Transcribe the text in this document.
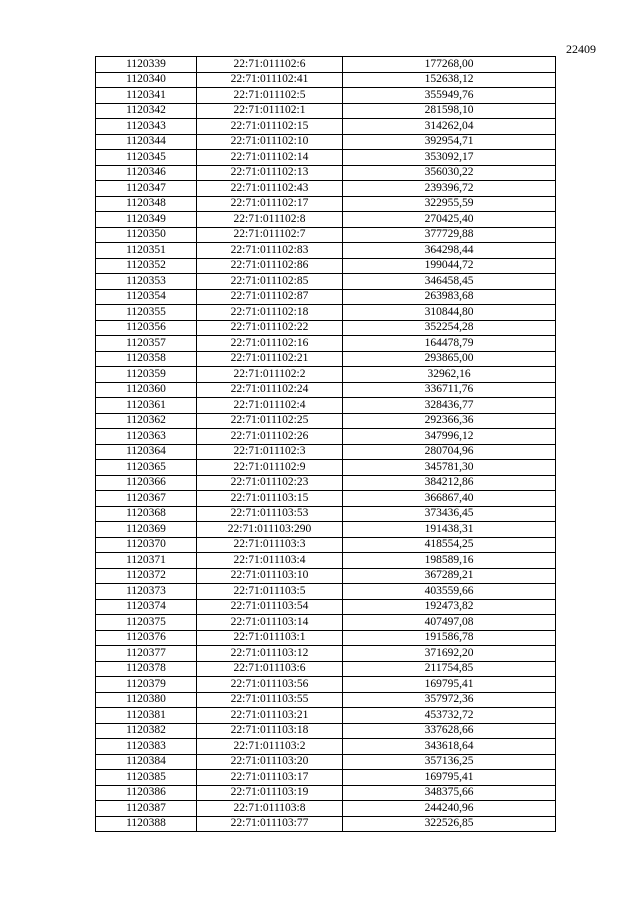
22409
1120339	22:71:011102:6	177268,00
1120340	22:71:011102:41	152638,12
1120341	22:71:011102:5	355949,76
1120342	22:71:011102:1	281598,10
1120343	22:71:011102:15	314262,04
1120344	22:71:011102:10	392954,71
1120345	22:71:011102:14	353092,17
1120346	22:71:011102:13	356030,22
1120347	22:71:011102:43	239396,72
1120348	22:71:011102:17	322955,59
1120349	22:71:011102:8	270425,40
1120350	22:71:011102:7	377729,88
1120351	22:71:011102:83	364298,44
1120352	22:71:011102:86	199044,72
1120353	22:71:011102:85	346458,45
1120354	22:71:011102:87	263983,68
1120355	22:71:011102:18	310844,80
1120356	22:71:011102:22	352254,28
1120357	22:71:011102:16	164478,79
1120358	22:71:011102:21	293865,00
1120359	22:71:011102:2	32962,16
1120360	22:71:011102:24	336711,76
1120361	22:71:011102:4	328436,77
1120362	22:71:011102:25	292366,36
1120363	22:71:011102:26	347996,12
1120364	22:71:011102:3	280704,96
1120365	22:71:011102:9	345781,30
1120366	22:71:011102:23	384212,86
1120367	22:71:011103:15	366867,40
1120368	22:71:011103:53	373436,45
1120369	22:71:011103:290	191438,31
1120370	22:71:011103:3	418554,25
1120371	22:71:011103:4	198589,16
1120372	22:71:011103:10	367289,21
1120373	22:71:011103:5	403559,66
1120374	22:71:011103:54	192473,82
1120375	22:71:011103:14	407497,08
1120376	22:71:011103:1	191586,78
1120377	22:71:011103:12	371692,20
1120378	22:71:011103:6	211754,85
1120379	22:71:011103:56	169795,41
1120380	22:71:011103:55	357972,36
1120381	22:71:011103:21	453732,72
1120382	22:71:011103:18	337628,66
1120383	22:71:011103:2	343618,64
1120384	22:71:011103:20	357136,25
1120385	22:71:011103:17	169795,41
1120386	22:71:011103:19	348375,66
1120387	22:71:011103:8	244240,96
1120388	22:71:011103:77	322526,85
